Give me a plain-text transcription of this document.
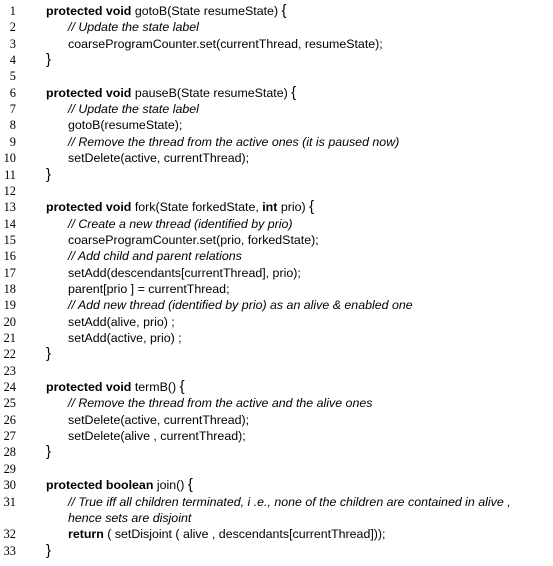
1 protected void gotoB(State resumeState) {
2	// Update the state label
3	coarseProgramCounter.set(currentThread, resumeState);
4 }
5
6 protected void pauseB(State resumeState) {
7	// Update the state label
8	gotoB(resumeState);
9	// Remove the thread from the active ones (it is paused now)
10	setDelete(active, currentThread);
11 }
12
13 protected void fork(State forkedState, int prio) {
14	// Create a new thread (identified by prio)
15	coarseProgramCounter.set(prio, forkedState);
16	// Add child and parent relations
17	setAdd(descendants[currentThread], prio);
18	parent[prio ] = currentThread;
19	// Add new thread (identified by prio) as an alive & enabled one
20	setAdd(alive, prio) ;
21	setAdd(active, prio) ;
22 }
23
24 protected void termB() {
25	// Remove the thread from the active and the alive ones
26	setDelete(active, currentThread);
27	setDelete(alive , currentThread);
28 }
29
30 protected boolean join() {
31	// True iff all children terminated, i .e., none of the children are contained in alive ,
hence sets are disjoint
32	return ( setDisjoint ( alive , descendants[currentThread]));
33 }
